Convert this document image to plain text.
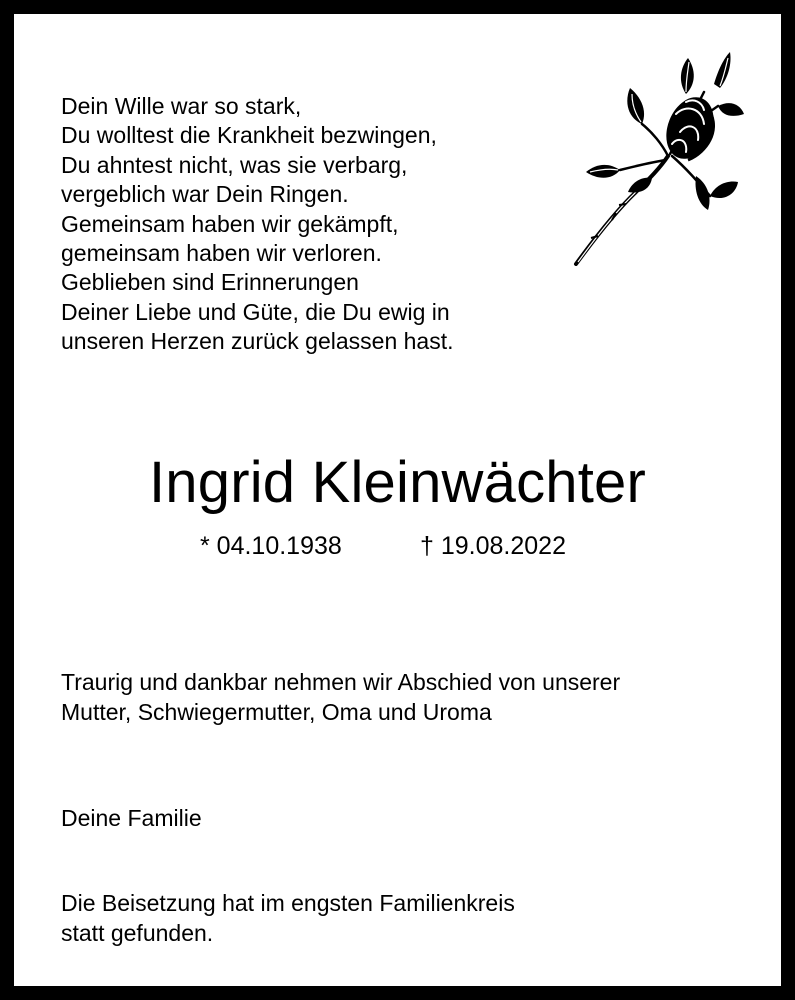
Dein Wille war so stark,
Du wolltest die Krankheit bezwingen,
Du ahntest nicht, was sie verbarg,
vergeblich war Dein Ringen.
Gemeinsam haben wir gekämpft,
gemeinsam haben wir verloren.
Geblieben sind Erinnerungen
Deiner Liebe und Güte, die Du ewig in
unseren Herzen zurück gelassen hast.
Ingrid Kleinwächter
* 04.10.1938	† 19.08.2022
Traurig und dankbar nehmen wir Abschied von unserer
Mutter, Schwiegermutter, Oma und Uroma
Deine Familie
Die Beisetzung hat im engsten Familienkreis
statt gefunden.
